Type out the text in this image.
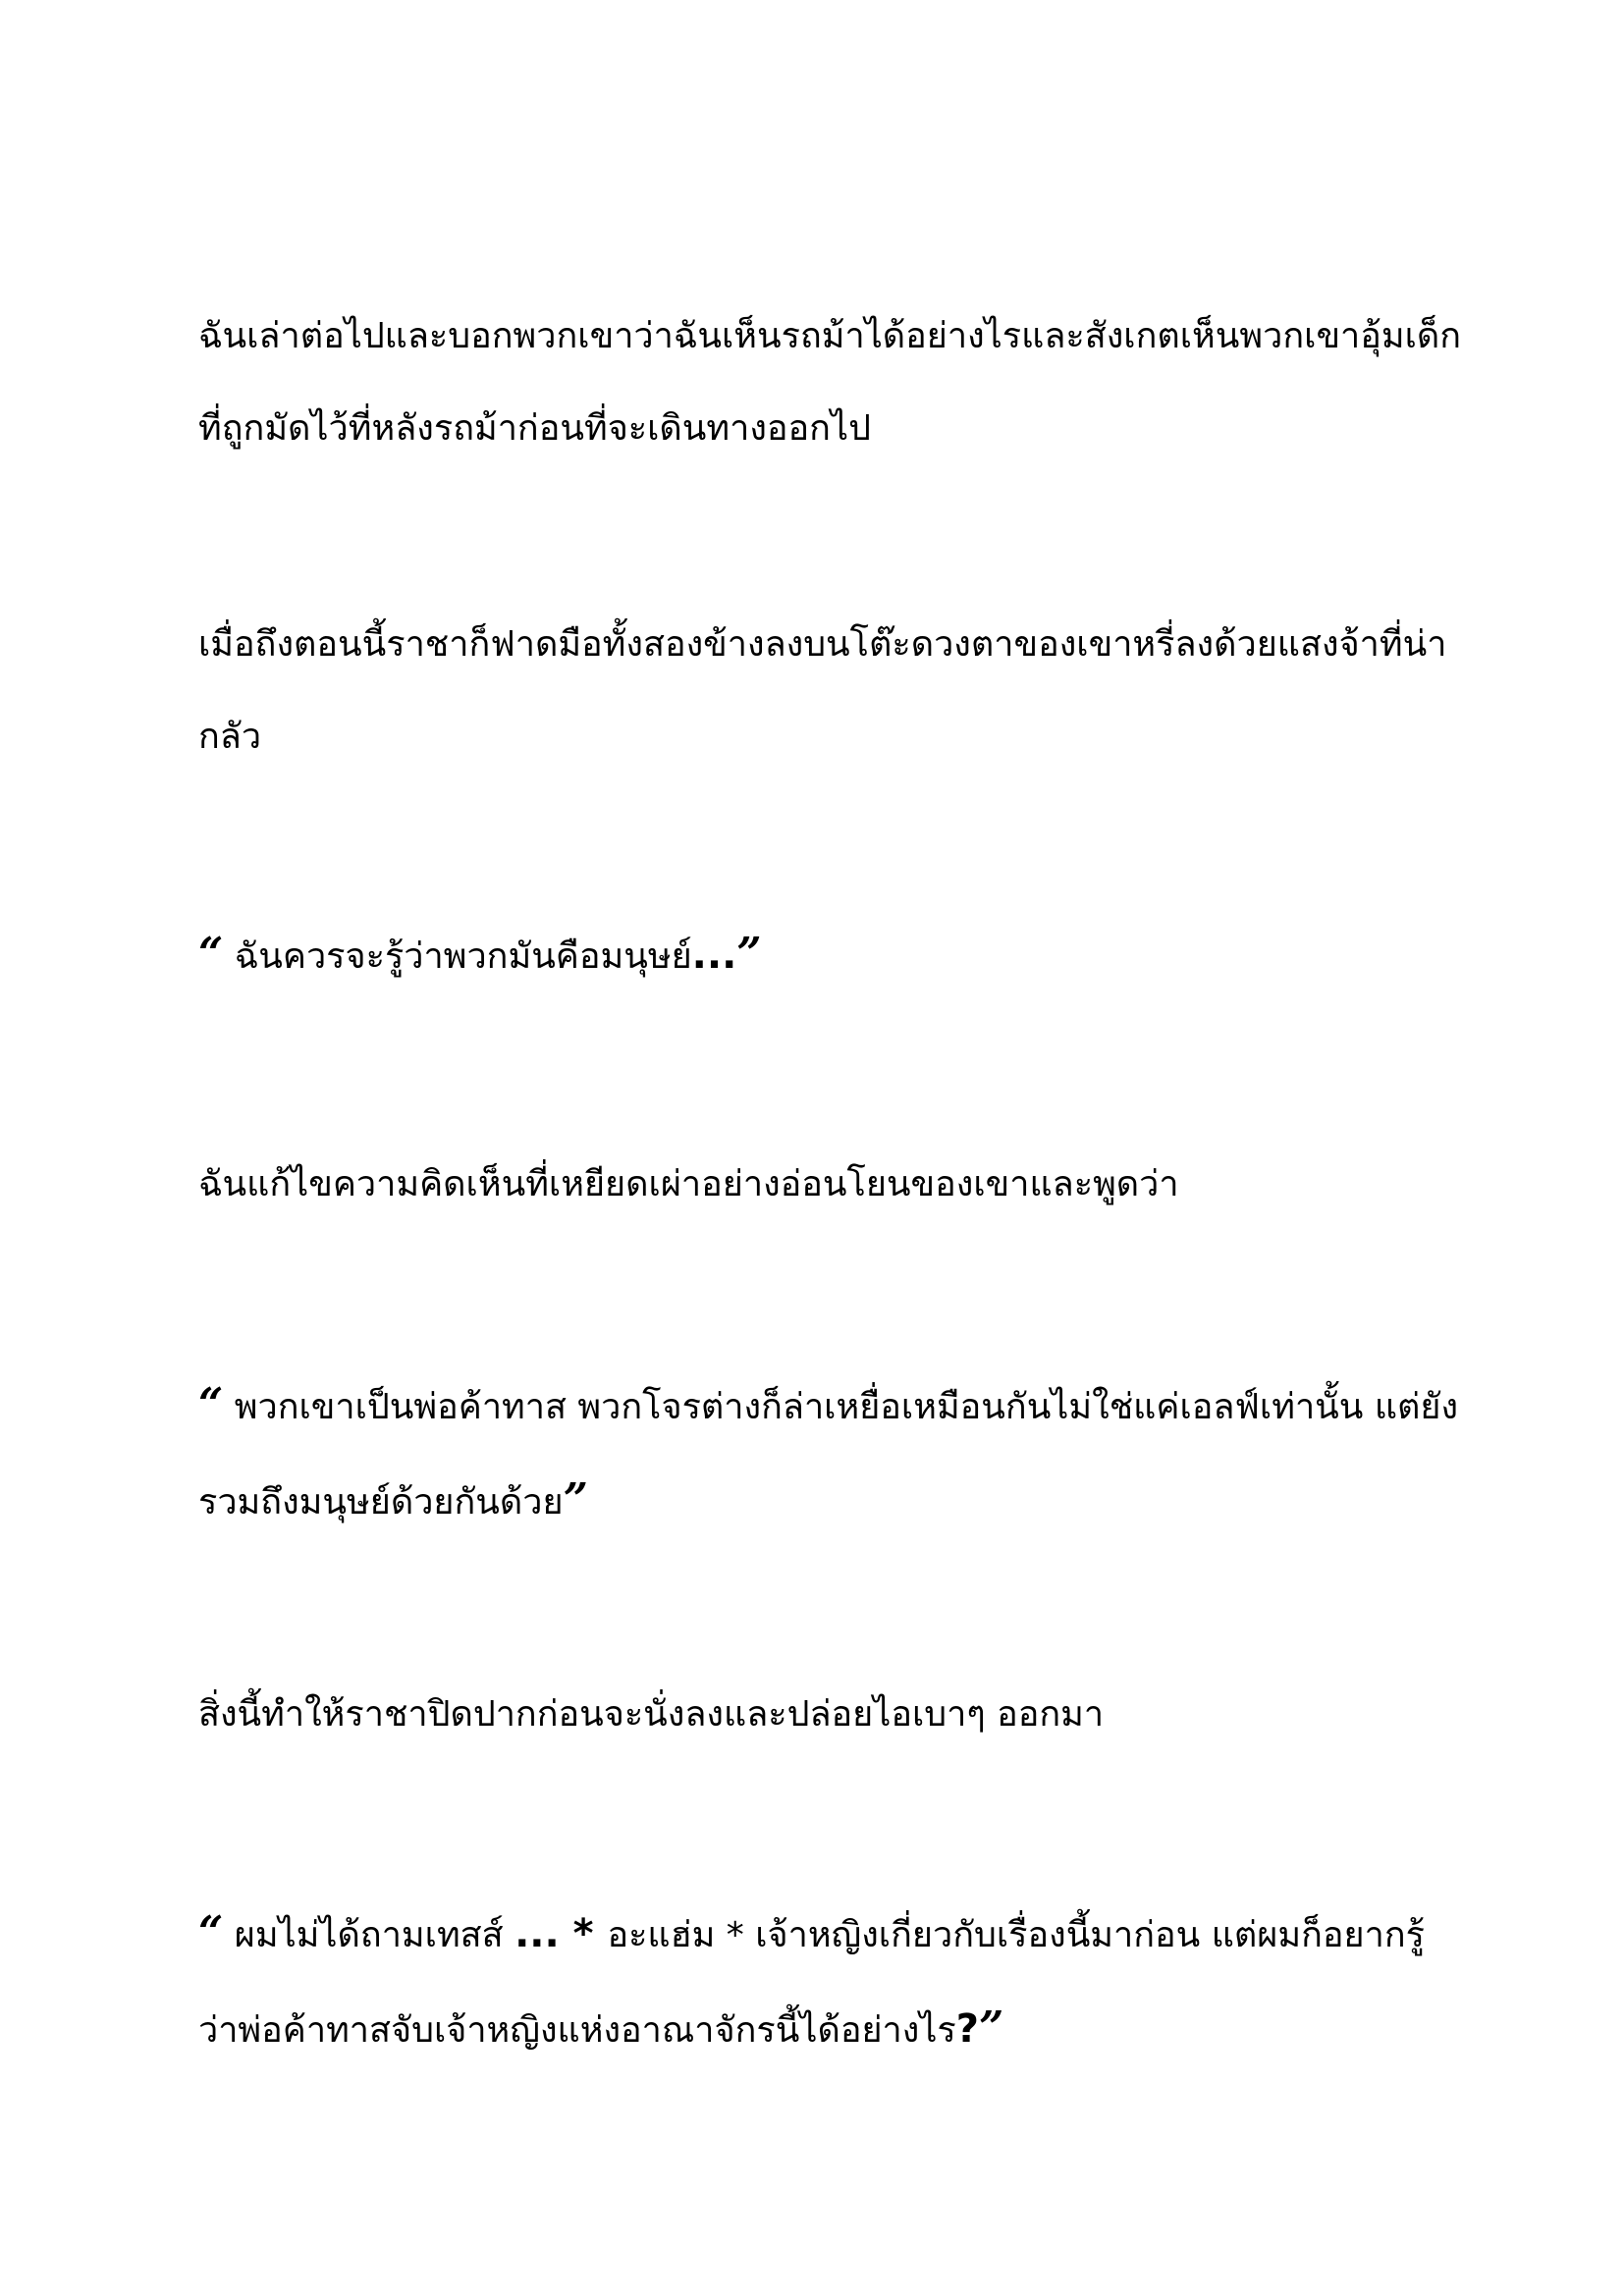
ฉันเล่าต่อไปและบอกพวกเขาว่าฉันเห็นรถม้าได้อย่างไรและสังเกตเห็นพวกเขาอุ้มเด็ก
ที่ถูกมัดไว้ที่หลังรถม้าก่อนที่จะเดินทางออกไป
เมื่อถึงตอนนี้ราชาก็ฟาดมือทั้งสองข้างลงบนโต๊ะดวงตาของเขาหรี่ลงด้วยแสงจ้าที่น่า
กลัว
“ ฉันควรจะรู้ว่าพวกมันคือมนุษย์...”
ฉันแก้ไขความคิดเห็นที่เหยียดเผ่าอย่างอ่อนโยนของเขาและพูดว่า
“ พวกเขาเป็นพ่อค้าทาส พวกโจรต่างก็ล่าเหยื่อเหมือนกันไม่ใช่แค่เอลฟ์เท่านั้น แต่ยัง
รวมถึงมนุษย์ด้วยกันด้วย”
สิ่งนี้ทำให้ราชาปิดปากก่อนจะนั่งลงและปล่อยไอเบาๆ ออกมา
“ ผมไม่ได้ถามเทสส์ ... * อะแฮ่ม * เจ้าหญิงเกี่ยวกับเรื่องนี้มาก่อน แต่ผมก็อยากรู้
ว่าพ่อค้าทาสจับเจ้าหญิงแห่งอาณาจักรนี้ได้อย่างไร?”
